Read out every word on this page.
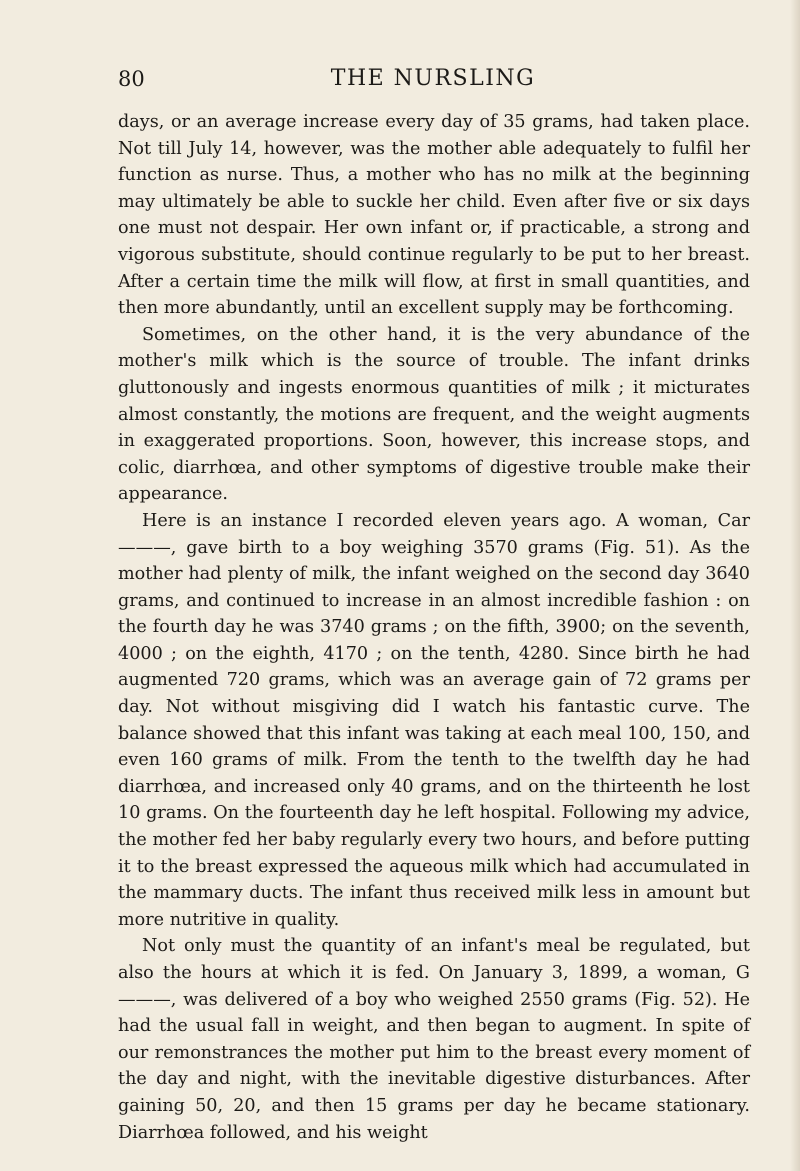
80	THE NURSLING

days, or an average increase every day of 35 grams, had taken place. Not till July 14, however, was the mother able adequately to fulfil her function as nurse. Thus, a mother who has no milk at the beginning may ultimately be able to suckle her child. Even after five or six days one must not despair. Her own infant or, if practicable, a strong and vigorous substitute, should continue regularly to be put to her breast. After a certain time the milk will flow, at first in small quantities, and then more abundantly, until an excellent supply may be forthcoming.

Sometimes, on the other hand, it is the very abundance of the mother's milk which is the source of trouble. The infant drinks gluttonously and ingests enormous quantities of milk ; it micturates almost constantly, the motions are frequent, and the weight augments in exaggerated proportions. Soon, however, this increase stops, and colic, diarrhœa, and other symptoms of digestive trouble make their appearance.

Here is an instance I recorded eleven years ago. A woman, Car———, gave birth to a boy weighing 3570 grams (Fig. 51). As the mother had plenty of milk, the infant weighed on the second day 3640 grams, and continued to increase in an almost incredible fashion : on the fourth day he was 3740 grams ; on the fifth, 3900; on the seventh, 4000 ; on the eighth, 4170 ; on the tenth, 4280. Since birth he had augmented 720 grams, which was an average gain of 72 grams per day. Not without misgiving did I watch his fantastic curve. The balance showed that this infant was taking at each meal 100, 150, and even 160 grams of milk. From the tenth to the twelfth day he had diarrhœa, and increased only 40 grams, and on the thirteenth he lost 10 grams. On the fourteenth day he left hospital. Following my advice, the mother fed her baby regularly every two hours, and before putting it to the breast expressed the aqueous milk which had accumulated in the mammary ducts. The infant thus received milk less in amount but more nutritive in quality.

Not only must the quantity of an infant's meal be regulated, but also the hours at which it is fed. On January 3, 1899, a woman, G———, was delivered of a boy who weighed 2550 grams (Fig. 52). He had the usual fall in weight, and then began to augment. In spite of our remonstrances the mother put him to the breast every moment of the day and night, with the inevitable digestive disturbances. After gaining 50, 20, and then 15 grams per day he became stationary. Diarrhœa followed, and his weight
